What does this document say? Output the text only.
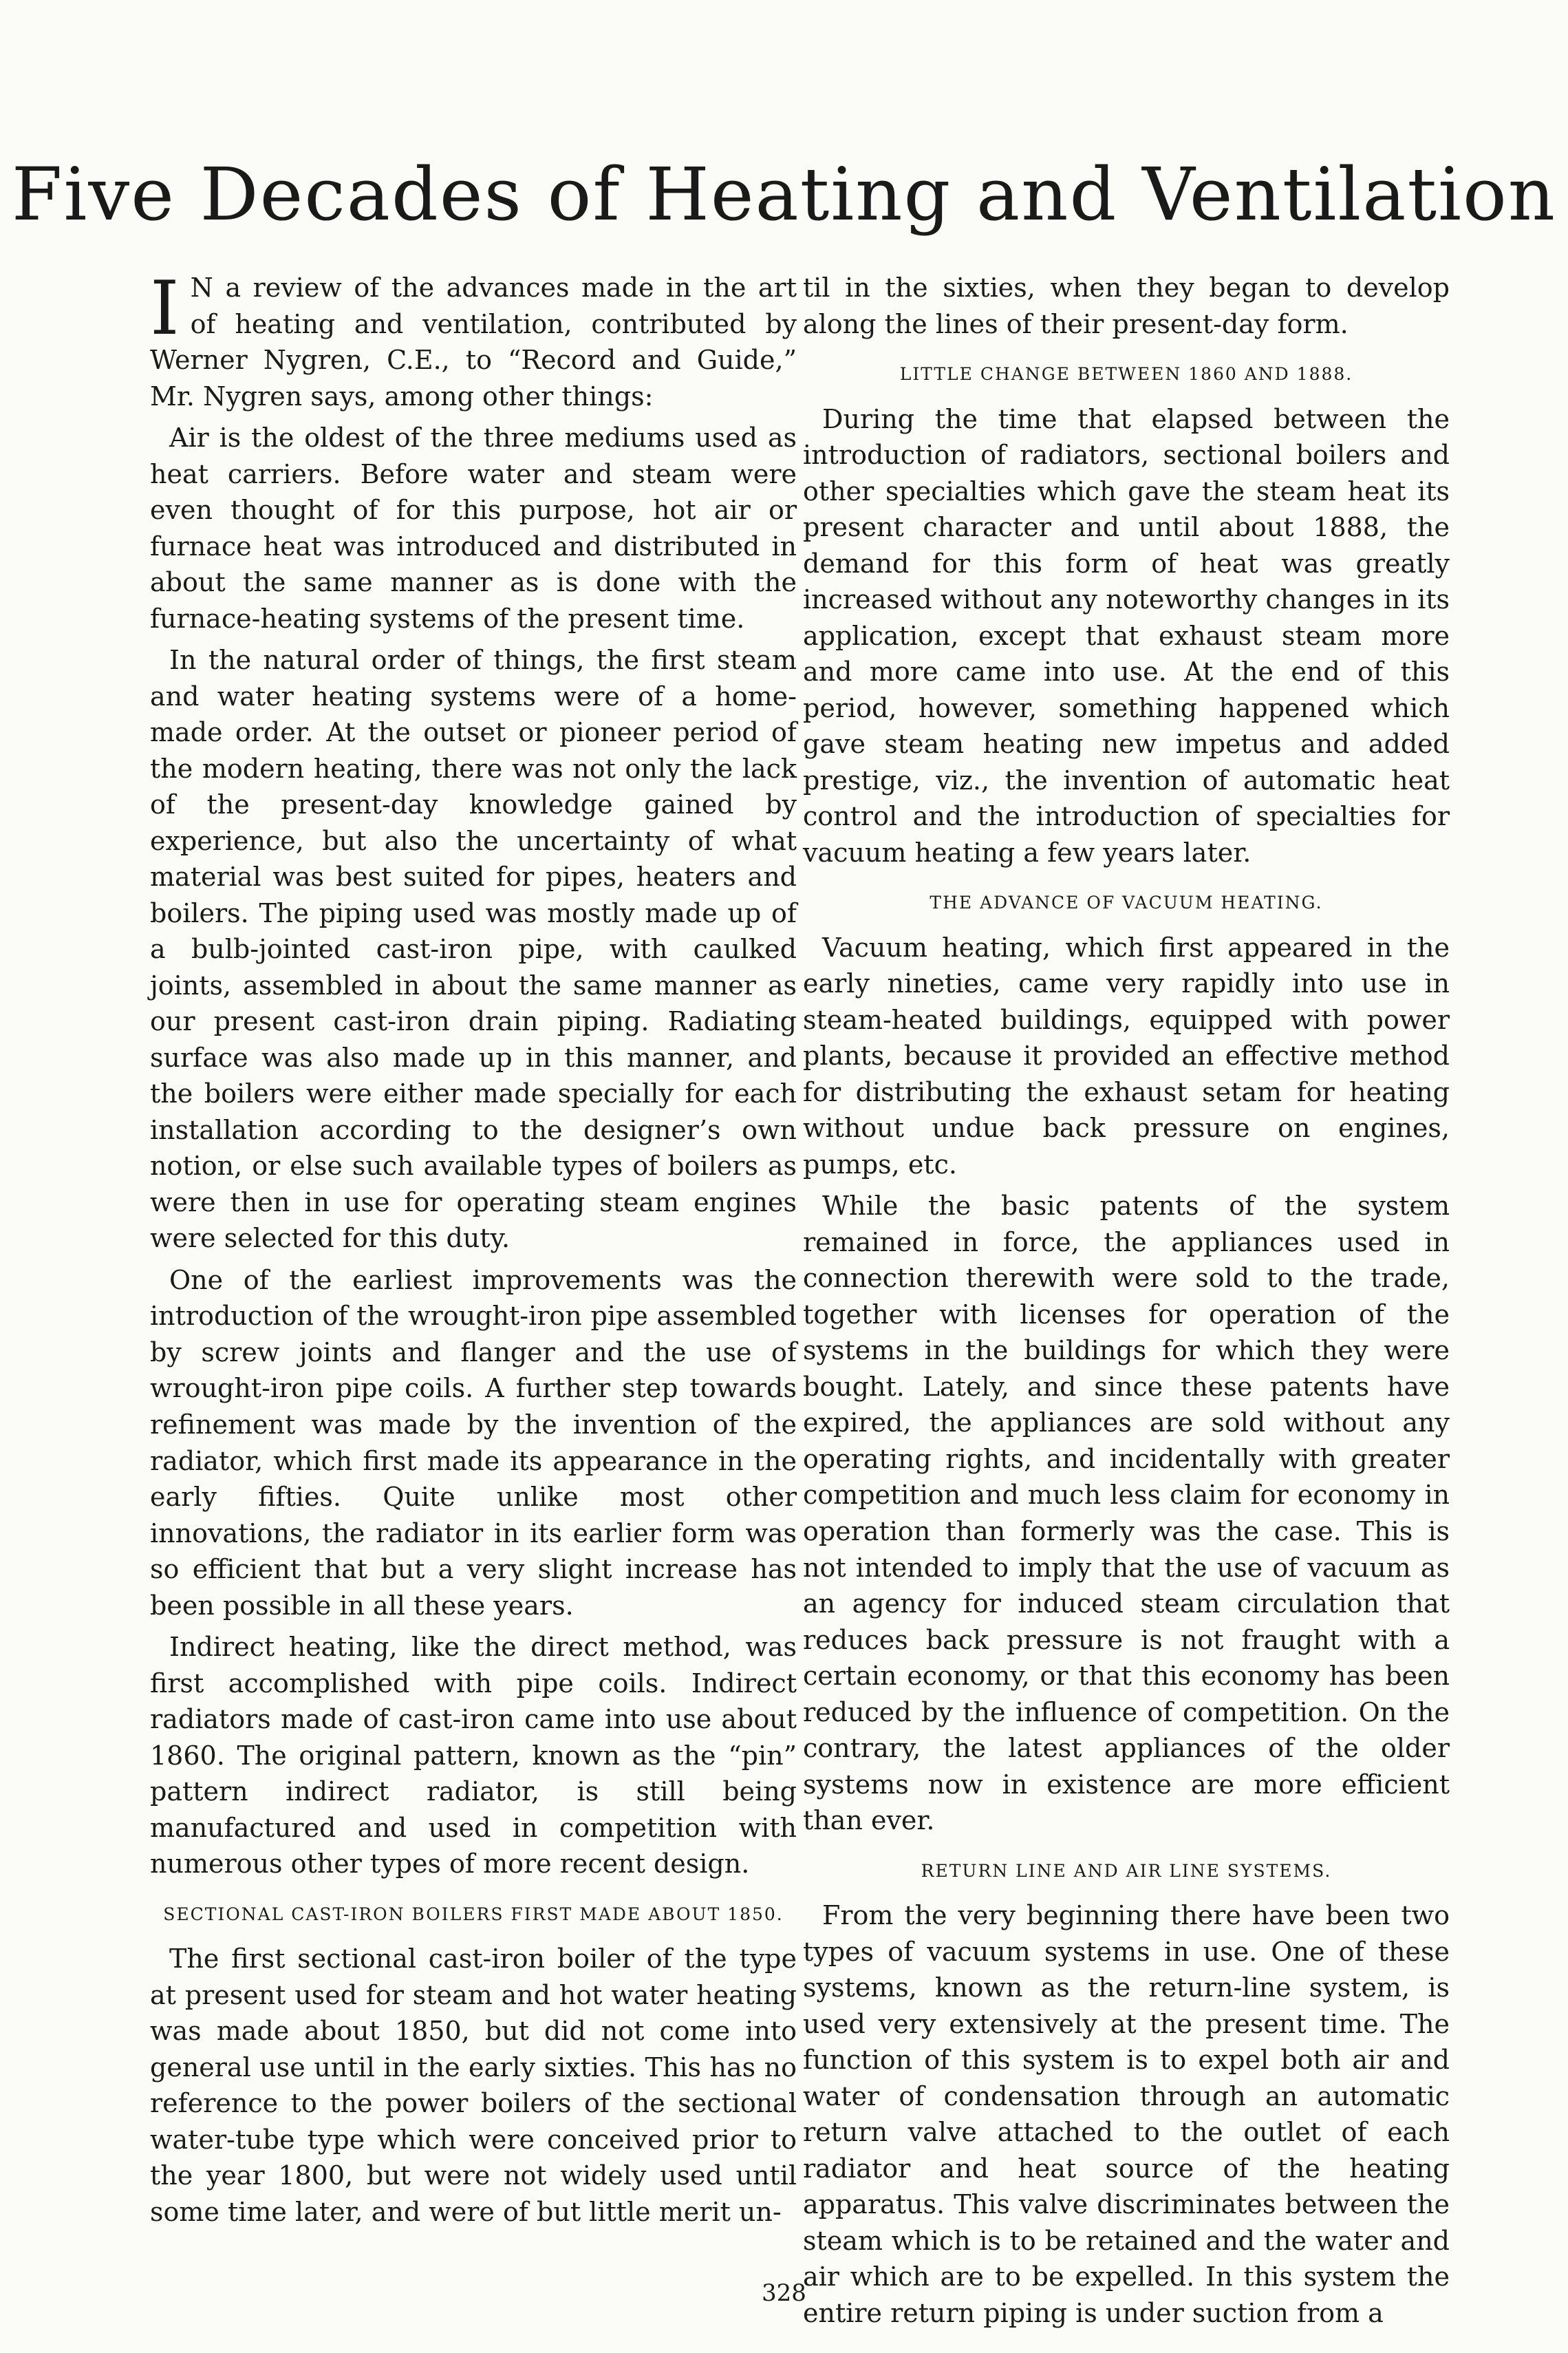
Five Decades of Heating and Ventilation

I N a review of the advances made in the art of heating and ventilation, contributed by Werner Nygren, C.E., to “Record and Guide,” Mr. Nygren says, among other things:

Air is the oldest of the three mediums used as heat carriers. Before water and steam were even thought of for this purpose, hot air or furnace heat was introduced and distributed in about the same manner as is done with the furnace-heating systems of the present time.

In the natural order of things, the first steam and water heating systems were of a home-made order. At the outset or pioneer period of the modern heating, there was not only the lack of the present-day knowledge gained by experience, but also the uncertainty of what material was best suited for pipes, heaters and boilers. The piping used was mostly made up of a bulb-jointed cast-iron pipe, with caulked joints, assembled in about the same manner as our present cast-iron drain piping. Radiating surface was also made up in this manner, and the boilers were either made specially for each installation according to the designer’s own notion, or else such available types of boilers as were then in use for operating steam engines were selected for this duty.

One of the earliest improvements was the introduction of the wrought-iron pipe assembled by screw joints and flanger and the use of wrought-iron pipe coils. A further step towards refinement was made by the invention of the radiator, which first made its appearance in the early fifties. Quite unlike most other innovations, the radiator in its earlier form was so efficient that but a very slight increase has been possible in all these years.

Indirect heating, like the direct method, was first accomplished with pipe coils. Indirect radiators made of cast-iron came into use about 1860. The original pattern, known as the “pin” pattern indirect radiator, is still being manufactured and used in competition with numerous other types of more recent design.

SECTIONAL CAST-IRON BOILERS FIRST MADE ABOUT 1850.

The first sectional cast-iron boiler of the type at present used for steam and hot water heating was made about 1850, but did not come into general use until in the early sixties. This has no reference to the power boilers of the sectional water-tube type which were conceived prior to the year 1800, but were not widely used until some time later, and were of but little merit un-

til in the sixties, when they began to develop along the lines of their present-day form.

LITTLE CHANGE BETWEEN 1860 AND 1888.

During the time that elapsed between the introduction of radiators, sectional boilers and other specialties which gave the steam heat its present character and until about 1888, the demand for this form of heat was greatly increased without any noteworthy changes in its application, except that exhaust steam more and more came into use. At the end of this period, however, something happened which gave steam heating new impetus and added prestige, viz., the invention of automatic heat control and the introduction of specialties for vacuum heating a few years later.

THE ADVANCE OF VACUUM HEATING.

Vacuum heating, which first appeared in the early nineties, came very rapidly into use in steam-heated buildings, equipped with power plants, because it provided an effective method for distributing the exhaust setam for heating without undue back pressure on engines, pumps, etc.

While the basic patents of the system remained in force, the appliances used in connection therewith were sold to the trade, together with licenses for operation of the systems in the buildings for which they were bought. Lately, and since these patents have expired, the appliances are sold without any operating rights, and incidentally with greater competition and much less claim for economy in operation than formerly was the case. This is not intended to imply that the use of vacuum as an agency for induced steam circulation that reduces back pressure is not fraught with a certain economy, or that this economy has been reduced by the influence of competition. On the contrary, the latest appliances of the older systems now in existence are more efficient than ever.

RETURN LINE AND AIR LINE SYSTEMS.

From the very beginning there have been two types of vacuum systems in use. One of these systems, known as the return-line system, is used very extensively at the present time. The function of this system is to expel both air and water of condensation through an automatic return valve attached to the outlet of each radiator and heat source of the heating apparatus. This valve discriminates between the steam which is to be retained and the water and air which are to be expelled. In this system the entire return piping is under suction from a

328
